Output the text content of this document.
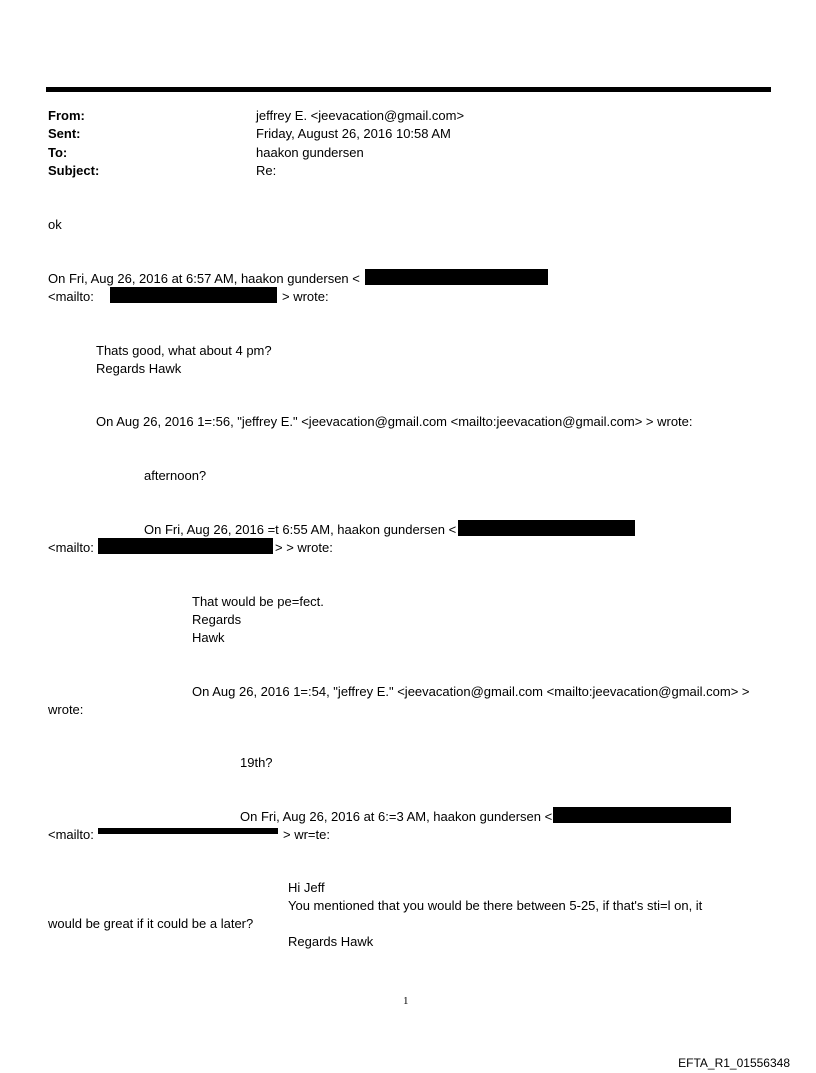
From:	jeffrey E. <jeevacation@gmail.com>
Sent:	Friday, August 26, 2016 10:58 AM
To:	haakon gundersen
Subject:	Re:
ok
On Fri, Aug 26, 2016 at 6:57 AM, haakon gundersen <
<mailto:	> wrote:
Thats good, what about 4 pm?
Regards Hawk
On Aug 26, 2016 1=:56, "jeffrey E." <jeevacation@gmail.com <mailto:jeevacation@gmail.com> > wrote:
afternoon?
On Fri, Aug 26, 2016 =t 6:55 AM, haakon gundersen <
<mailto:	> > wrote:
That would be pe=fect.
Regards
Hawk
On Aug 26, 2016 1=:54, "jeffrey E." <jeevacation@gmail.com <mailto:jeevacation@gmail.com> >
wrote:
19th?
On Fri, Aug 26, 2016 at 6:=3 AM, haakon gundersen <
<mailto:	> wr=te:
Hi Jeff
You mentioned that you would be there between 5-25, if that's sti=l on, it
would be great if it could be a later?
Regards Hawk
1
EFTA_R1_01556348
